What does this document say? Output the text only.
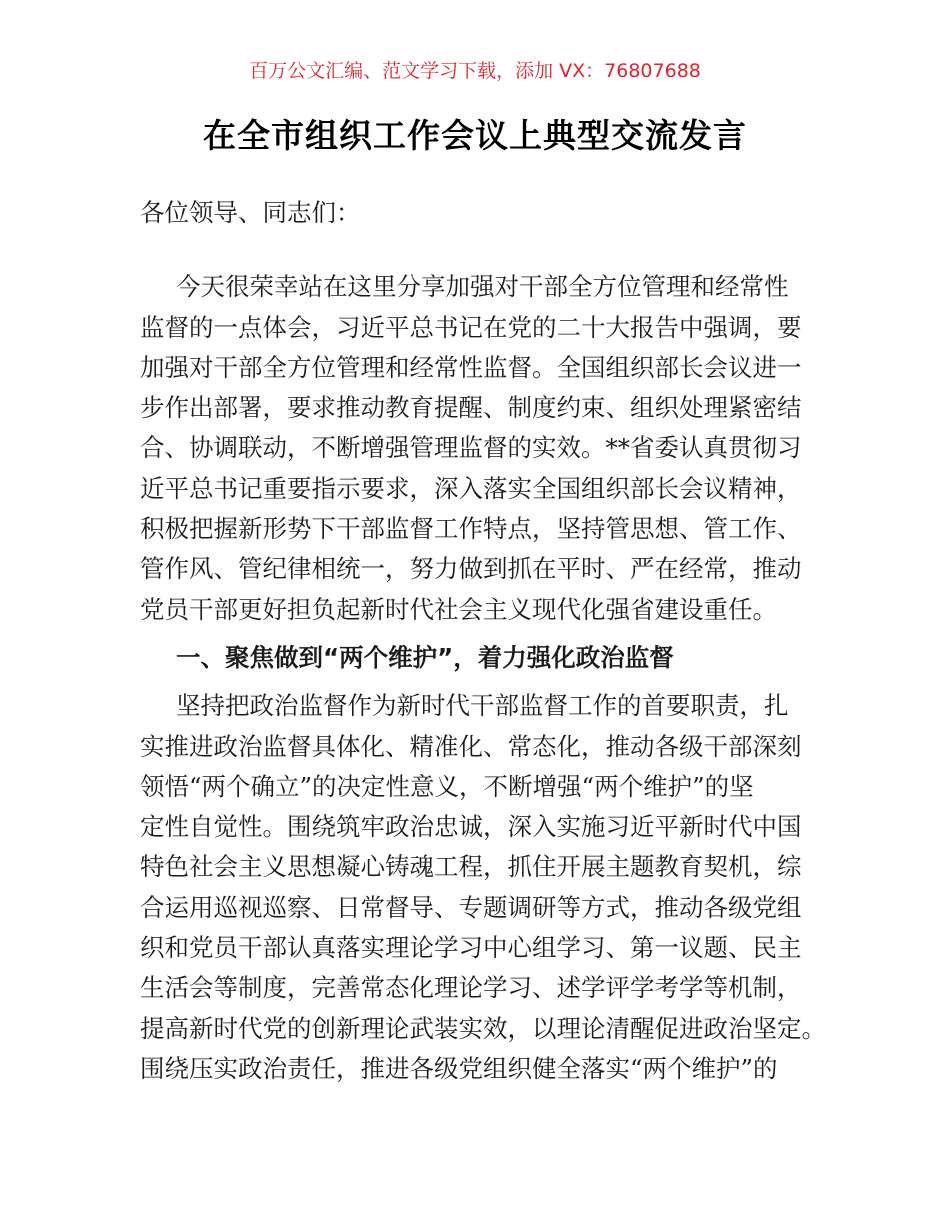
百万公文汇编、范文学习下载，添加 VX：76807688
在全市组织工作会议上典型交流发言
各位领导、同志们：
今天很荣幸站在这里分享加强对干部全方位管理和经常性
监督的一点体会，习近平总书记在党的二十大报告中强调，要
加强对干部全方位管理和经常性监督。全国组织部长会议进一
步作出部署，要求推动教育提醒、制度约束、组织处理紧密结
合、协调联动，不断增强管理监督的实效。**省委认真贯彻习
近平总书记重要指示要求，深入落实全国组织部长会议精神，
积极把握新形势下干部监督工作特点，坚持管思想、管工作、
管作风、管纪律相统一，努力做到抓在平时、严在经常，推动
党员干部更好担负起新时代社会主义现代化强省建设重任。
一、聚焦做到“两个维护”，着力强化政治监督
坚持把政治监督作为新时代干部监督工作的首要职责，扎
实推进政治监督具体化、精准化、常态化，推动各级干部深刻
领悟“两个确立”的决定性意义，不断增强“两个维护”的坚
定性自觉性。围绕筑牢政治忠诚，深入实施习近平新时代中国
特色社会主义思想凝心铸魂工程，抓住开展主题教育契机，综
合运用巡视巡察、日常督导、专题调研等方式，推动各级党组
织和党员干部认真落实理论学习中心组学习、第一议题、民主
生活会等制度，完善常态化理论学习、述学评学考学等机制，
提高新时代党的创新理论武装实效，以理论清醒促进政治坚定。
围绕压实政治责任，推进各级党组织健全落实“两个维护”的
